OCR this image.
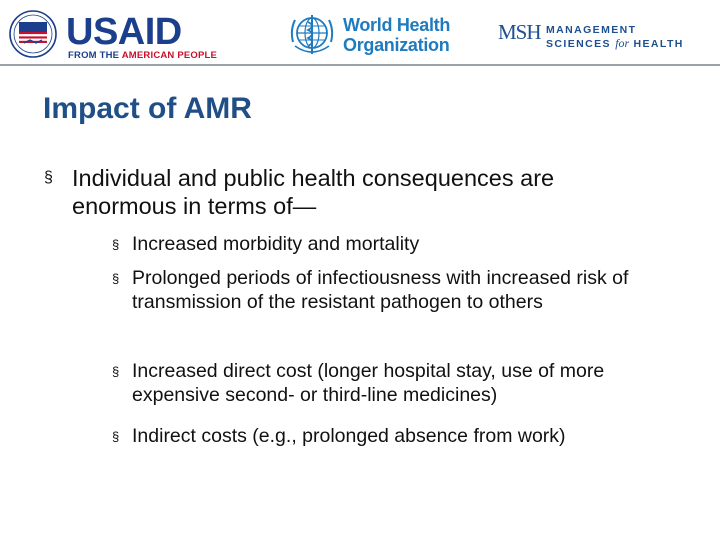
USAID
FROM THE AMERICAN PEOPLE
World Health
Organization
MSH MANAGEMENT
SCIENCES for HEALTH
Impact of AMR
§ Individual and public health consequences are enormous in terms of—
§ Increased morbidity and mortality
§ Prolonged periods of infectiousness with increased risk of transmission of the resistant pathogen to others
§ Increased direct cost (longer hospital stay, use of more expensive second- or third-line medicines)
§ Indirect costs (e.g., prolonged absence from work)
